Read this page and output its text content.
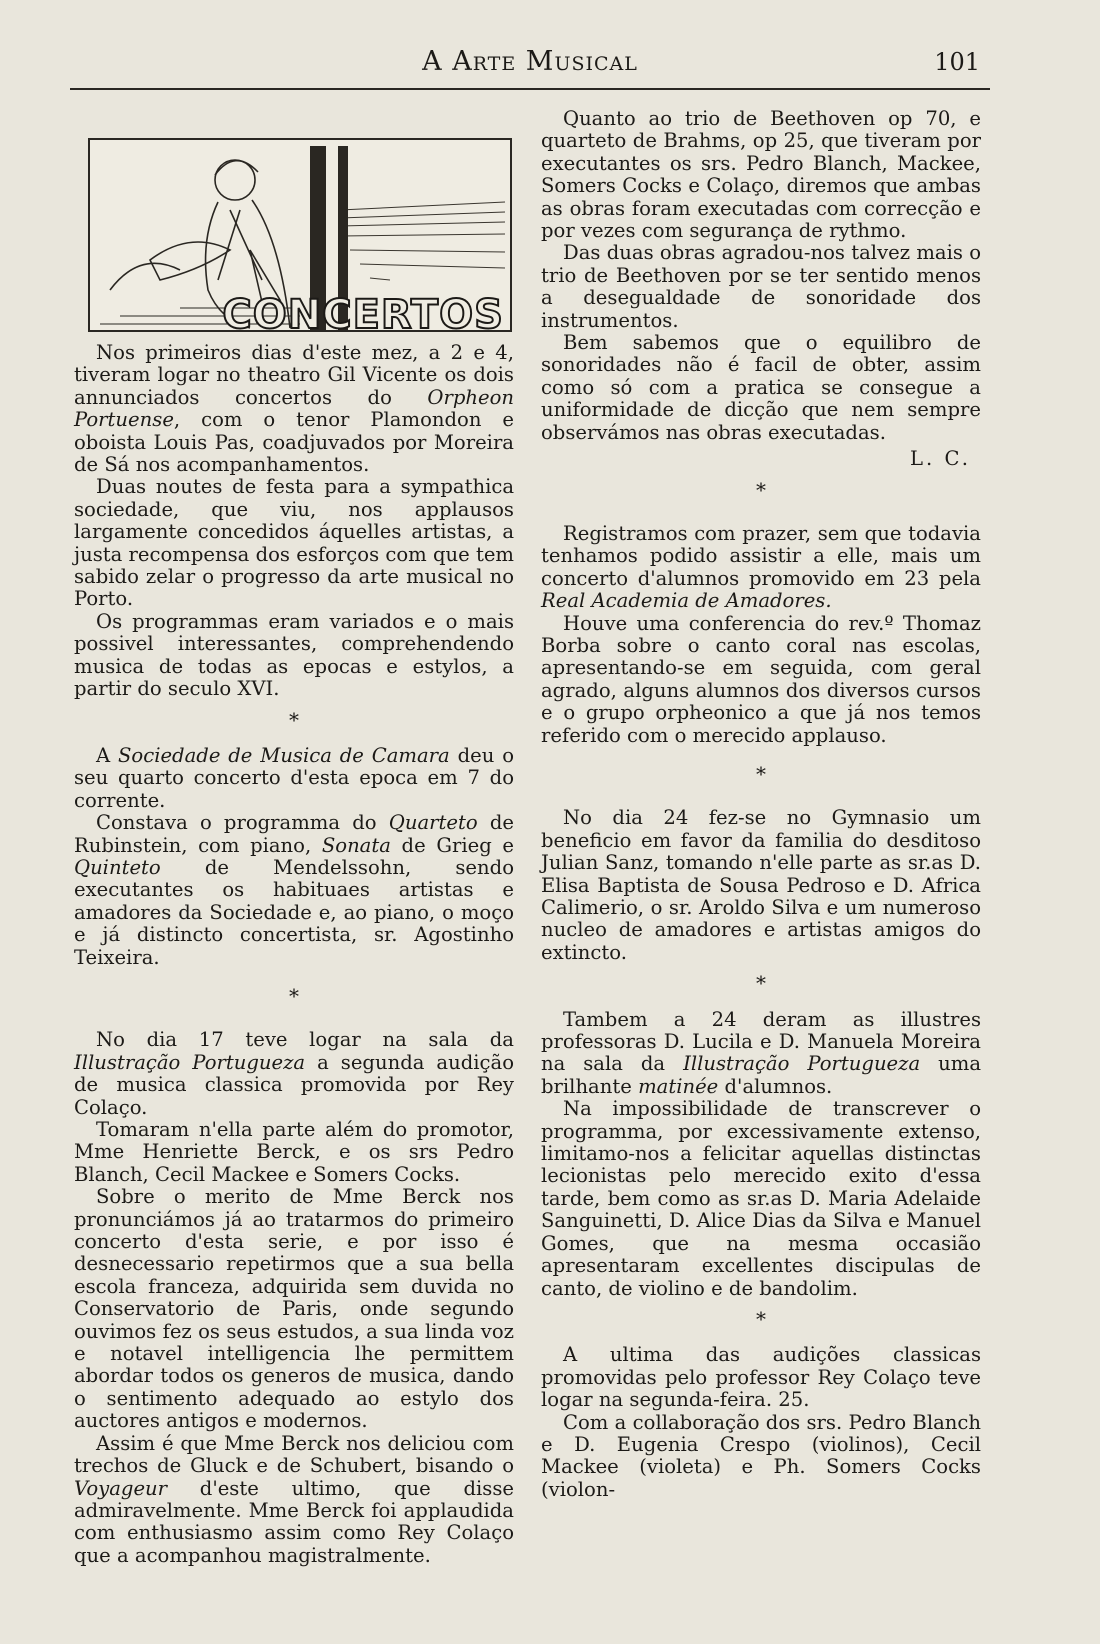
A Arte Musical	101
CONCERTOS

Nos primeiros dias d'este mez, a 2 e 4, tiveram logar no theatro Gil Vicente os dois annunciados concertos do Orpheon Portuense, com o tenor Plamondon e oboista Louis Pas, coadjuvados por Moreira de Sá nos acompanhamentos.

Duas noutes de festa para a sympathica sociedade, que viu, nos applausos largamente concedidos áquelles artistas, a justa recompensa dos esforços com que tem sabido zelar o progresso da arte musical no Porto.

Os programmas eram variados e o mais possivel interessantes, comprehendendo musica de todas as epocas e estylos, a partir do seculo XVI.

*

A Sociedade de Musica de Camara deu o seu quarto concerto d'esta epoca em 7 do corrente.

Constava o programma do Quarteto de Rubinstein, com piano, Sonata de Grieg e Quinteto de Mendelssohn, sendo executantes os habituaes artistas e amadores da Sociedade e, ao piano, o moço e já distincto concertista, sr. Agostinho Teixeira.

*

No dia 17 teve logar na sala da Illustração Portugueza a segunda audição de musica classica promovida por Rey Colaço.

Tomaram n'ella parte além do promotor, Mme Henriette Berck, e os srs Pedro Blanch, Cecil Mackee e Somers Cocks.

Sobre o merito de Mme Berck nos pronunciámos já ao tratarmos do primeiro concerto d'esta serie, e por isso é desnecessario repetirmos que a sua bella escola franceza, adquirida sem duvida no Conservatorio de Paris, onde segundo ouvimos fez os seus estudos, a sua linda voz e notavel intelligencia lhe permittem abordar todos os generos de musica, dando o sentimento adequado ao estylo dos auctores antigos e modernos.

Assim é que Mme Berck nos deliciou com trechos de Gluck e de Schubert, bisando o Voyageur d'este ultimo, que disse admiravelmente. Mme Berck foi applaudida com enthusiasmo assim como Rey Colaço que a acompanhou magistralmente.

Quanto ao trio de Beethoven op 70, e quarteto de Brahms, op 25, que tiveram por executantes os srs. Pedro Blanch, Mackee, Somers Cocks e Colaço, diremos que ambas as obras foram executadas com correcção e por vezes com segurança de rythmo.

Das duas obras agradou-nos talvez mais o trio de Beethoven por se ter sentido menos a desegualdade de sonoridade dos instrumentos.

Bem sabemos que o equilibro de sonoridades não é facil de obter, assim como só com a pratica se consegue a uniformidade de dicção que nem sempre observámos nas obras executadas.

L. C.
*

Registramos com prazer, sem que todavia tenhamos podido assistir a elle, mais um concerto d'alumnos promovido em 23 pela Real Academia de Amadores.

Houve uma conferencia do rev.º Thomaz Borba sobre o canto coral nas escolas, apresentando-se em seguida, com geral agrado, alguns alumnos dos diversos cursos e o grupo orpheonico a que já nos temos referido com o merecido applauso.

*

No dia 24 fez-se no Gymnasio um beneficio em favor da familia do desditoso Julian Sanz, tomando n'elle parte as sr.as D. Elisa Baptista de Sousa Pedroso e D. Africa Calimerio, o sr. Aroldo Silva e um numeroso nucleo de amadores e artistas amigos do extincto.

*

Tambem a 24 deram as illustres professoras D. Lucila e D. Manuela Moreira na sala da Illustração Portugueza uma brilhante matinée d'alumnos.

Na impossibilidade de transcrever o programma, por excessivamente extenso, limitamo-nos a felicitar aquellas distinctas lecionistas pelo merecido exito d'essa tarde, bem como as sr.as D. Maria Adelaide Sanguinetti, D. Alice Dias da Silva e Manuel Gomes, que na mesma occasião apresentaram excellentes discipulas de canto, de violino e de bandolim.

*

A ultima das audições classicas promovidas pelo professor Rey Colaço teve logar na segunda-feira. 25.

Com a collaboração dos srs. Pedro Blanch e D. Eugenia Crespo (violinos), Cecil Mackee (violeta) e Ph. Somers Cocks (violon-
